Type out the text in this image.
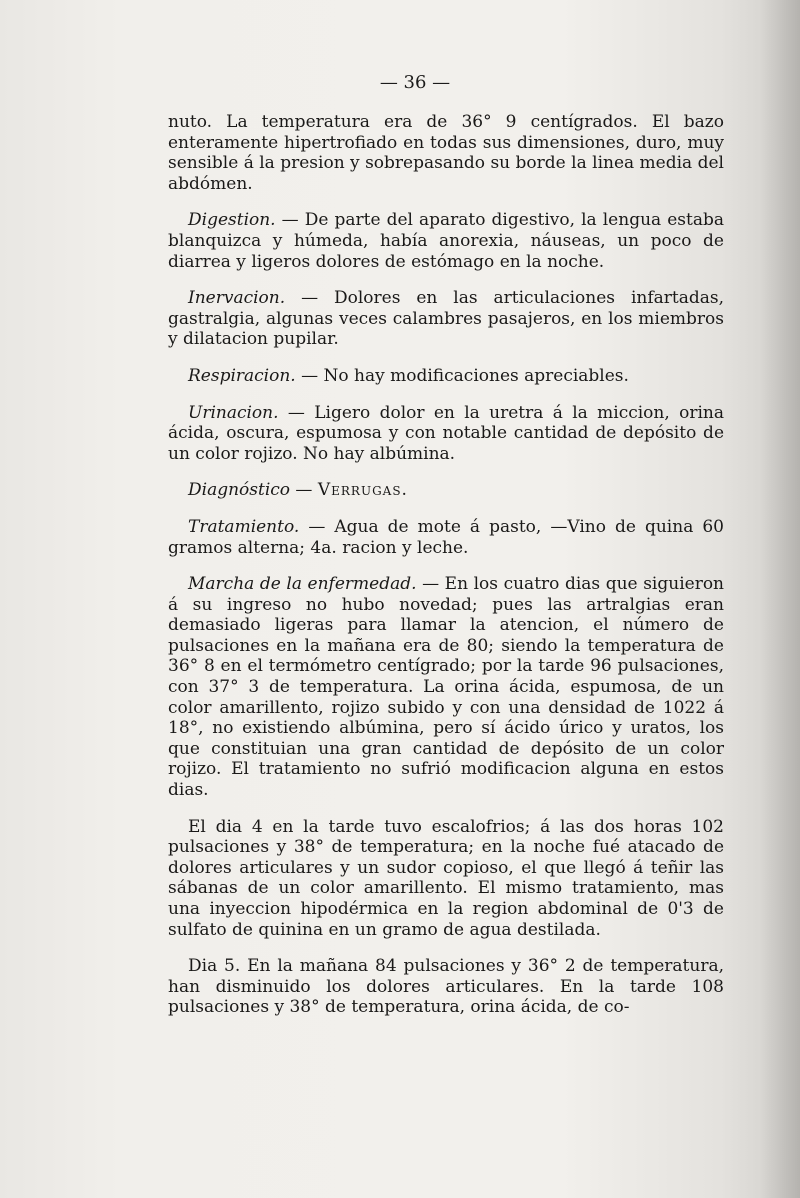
— 36 —

nuto. La temperatura era de 36° 9 centígrados. El bazo enteramente hipertrofiado en todas sus dimensiones, duro, muy sensible á la presion y sobrepasando su borde la linea media del abdómen.

Digestion. — De parte del aparato digestivo, la lengua estaba blanquizca y húmeda, había anorexia, náuseas, un poco de diarrea y ligeros dolores de estómago en la noche.

Inervacion. — Dolores en las articulaciones infartadas, gastralgia, algunas veces calambres pasajeros, en los miembros y dilatacion pupilar.

Respiracion. — No hay modificaciones apreciables.

Urinacion. — Ligero dolor en la uretra á la miccion, orina ácida, oscura, espumosa y con notable cantidad de depósito de un color rojizo. No hay albúmina.

Diagnóstico — Verrugas.

Tratamiento. — Agua de mote á pasto, —Vino de quina 60 gramos alterna; 4a. racion y leche.

Marcha de la enfermedad. — En los cuatro dias que siguieron á su ingreso no hubo novedad; pues las artralgias eran demasiado ligeras para llamar la atencion, el número de pulsaciones en la mañana era de 80; siendo la temperatura de 36° 8 en el termómetro centígrado; por la tarde 96 pulsaciones, con 37° 3 de temperatura. La orina ácida, espumosa, de un color amarillento, rojizo subido y con una densidad de 1022 á 18°, no existiendo albúmina, pero sí ácido úrico y uratos, los que constituian una gran cantidad de depósito de un color rojizo. El tratamiento no sufrió modificacion alguna en estos dias.

El dia 4 en la tarde tuvo escalofrios; á las dos horas 102 pulsaciones y 38° de temperatura; en la noche fué atacado de dolores articulares y un sudor copioso, el que llegó á teñir las sábanas de un color amarillento. El mismo tratamiento, mas una inyeccion hipodérmica en la region abdominal de 0'3 de sulfato de quinina en un gramo de agua destilada.

Dia 5. En la mañana 84 pulsaciones y 36° 2 de temperatura, han disminuido los dolores articulares. En la tarde 108 pulsaciones y 38° de temperatura, orina ácida, de co-
